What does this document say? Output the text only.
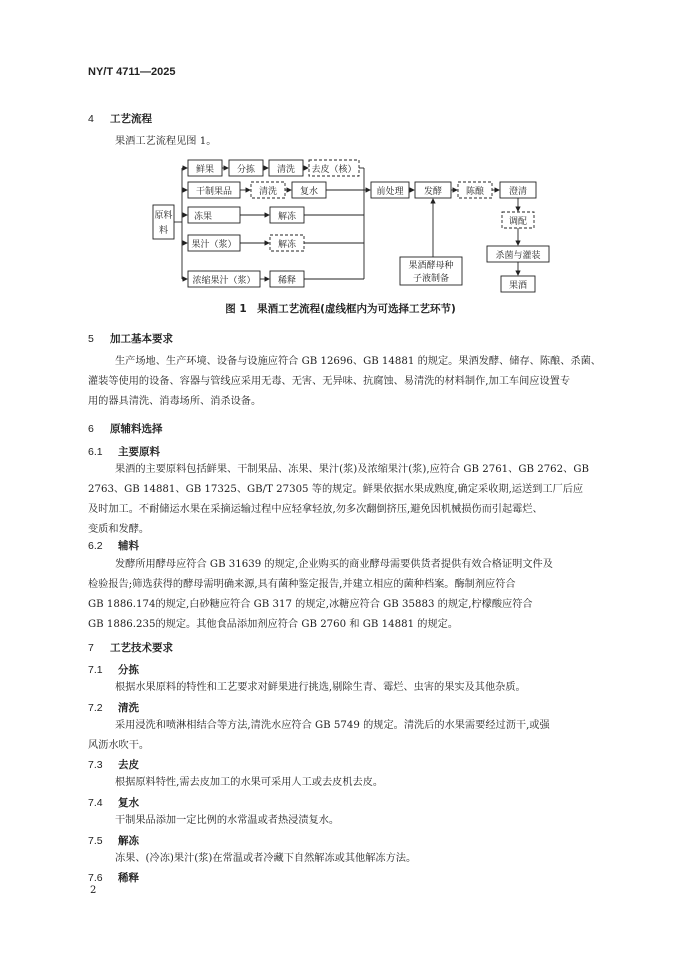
NY/T 4711—2025
4 工艺流程
果酒工艺流程见图 1。
原料
料
鲜果	分拣 清洗 去皮（核）
干制果品	清洗	复水
冻果	解冻
果汁（浆）	解冻
浓缩果汁（浆） 稀释
前处理 发酵	陈酿	澄清
调配
杀菌与灌装
果酒
果酒酵母种
子液制备
图 1　果酒工艺流程(虚线框内为可选择工艺环节)
5 加工基本要求
生产场地、生产环境、设备与设施应符合 GB 12696、GB 14881 的规定。果酒发酵、储存、陈酿、杀菌、
灌装等使用的设备、容器与管线应采用无毒、无害、无异味、抗腐蚀、易清洗的材料制作,加工车间应设置专
用的器具清洗、消毒场所、消杀设备。
6 原辅料选择
6.1 主要原料
果酒的主要原料包括鲜果、干制果品、冻果、果汁(浆)及浓缩果汁(浆),应符合 GB 2761、GB 2762、GB
2763、GB 14881、GB 17325、GB/T 27305 等的规定。鲜果依据水果成熟度,确定采收期,运送到工厂后应
及时加工。不耐储运水果在采摘运输过程中应轻拿轻放,勿多次翻倒挤压,避免因机械损伤而引起霉烂、
变质和发酵。
6.2 辅料
发酵所用酵母应符合 GB 31639 的规定,企业购买的商业酵母需要供货者提供有效合格证明文件及
检验报告;筛选获得的酵母需明确来源,具有菌种鉴定报告,并建立相应的菌种档案。酶制剂应符合
GB 1886.174的规定,白砂糖应符合 GB 317 的规定,冰糖应符合 GB 35883 的规定,柠檬酸应符合
GB 1886.235的规定。其他食品添加剂应符合 GB 2760 和 GB 14881 的规定。
7 工艺技术要求
7.1 分拣
根据水果原料的特性和工艺要求对鲜果进行挑选,剔除生青、霉烂、虫害的果实及其他杂质。
7.2 清洗
采用浸洗和喷淋相结合等方法,清洗水应符合 GB 5749 的规定。清洗后的水果需要经过沥干,或强
风沥水吹干。
7.3 去皮
根据原料特性,需去皮加工的水果可采用人工或去皮机去皮。
7.4 复水
干制果品添加一定比例的水常温或者热浸渍复水。
7.5 解冻
冻果、(冷冻)果汁(浆)在常温或者冷藏下自然解冻或其他解冻方法。
7.6 稀释
2
